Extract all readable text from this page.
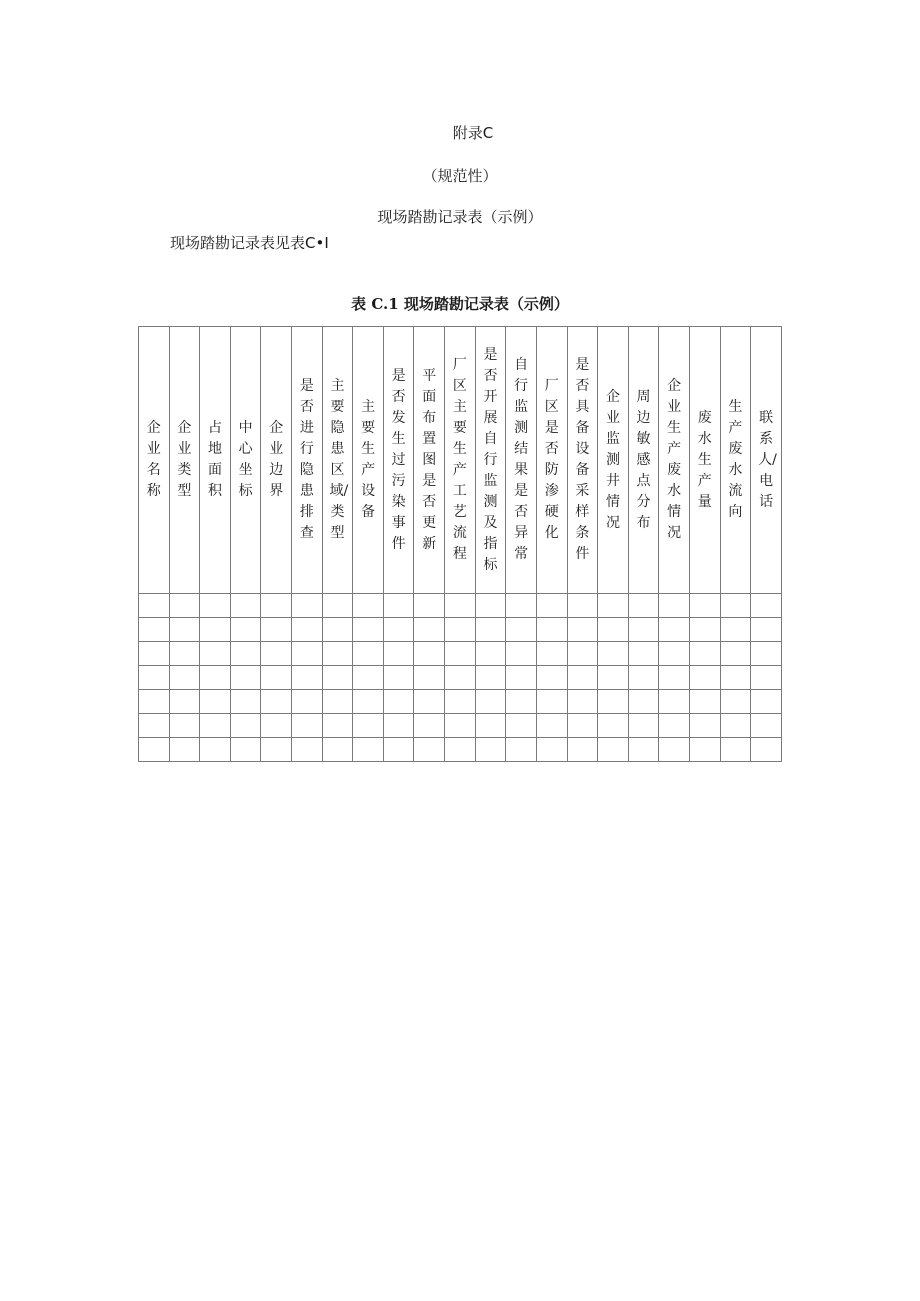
附录C
（规范性）
现场踏勘记录表（示例）
现场踏勘记录表见表C•I
表 C.1 现场踏勘记录表（示例）
企业名称	企业类型	占地面积	中心坐标	企业边界	是否进行隐患排查	主要隐患区域/类型	主要生产设备	是否发生过污染事件	平面布置图是否更新	厂区主要生产工艺流程	是否开展自行监测及指标	自行监测结果是否异常	厂区是否防渗硬化	是否具备设备采样条件	企业监测井情况	周边敏感点分布	企业生产废水情况	废水生产量	生产废水流向	联系人/电话
